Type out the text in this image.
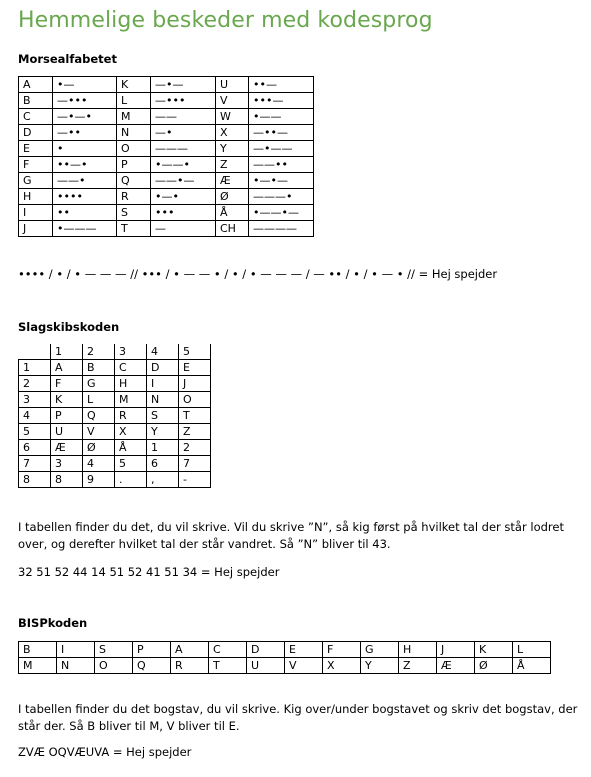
Hemmelige beskeder med kodesprog
Morsealfabetet
A	•—	K	—•—	U	••—
B	—•••	L	—•••	V	•••—
C	—•—•	M	——	W	•——
D	—••	N	—•	X	—••—
E	•	O	———	Y	—•——
F	••—•	P	•——•	Z	——••
G	——•	Q	——•—	Æ	•—•—
H	••••	R	•—•	Ø	———•
I	••	S	•••	Å	•——•—
J	•———	T	—	CH	————
•••• / • / • — — — // ••• / • — — • / • / • — — — / — •• / • / • — • // = Hej spejder
Slagskibskoden
	1	2	3	4	5
1	A	B	C	D	E
2	F	G	H	I	J
3	K	L	M	N	O
4	P	Q	R	S	T
5	U	V	X	Y	Z
6	Æ	Ø	Å	1	2
7	3	4	5	6	7
8	8	9	.	,	-
I tabellen finder du det, du vil skrive. Vil du skrive ”N”, så kig først på hvilket tal der står lodret over, og derefter hvilket tal der står vandret. Så ”N” bliver til 43.
32 51 52 44 14 51 52 41 51 34 = Hej spejder
BISPkoden
B	I	S	P	A	C	D	E	F	G	H	J	K	L
M	N	O	Q	R	T	U	V	X	Y	Z	Æ	Ø	Å
I tabellen finder du det bogstav, du vil skrive. Kig over/under bogstavet og skriv det bogstav, der står der. Så B bliver til M, V bliver til E.
ZVÆ OQVÆUVA = Hej spejder
